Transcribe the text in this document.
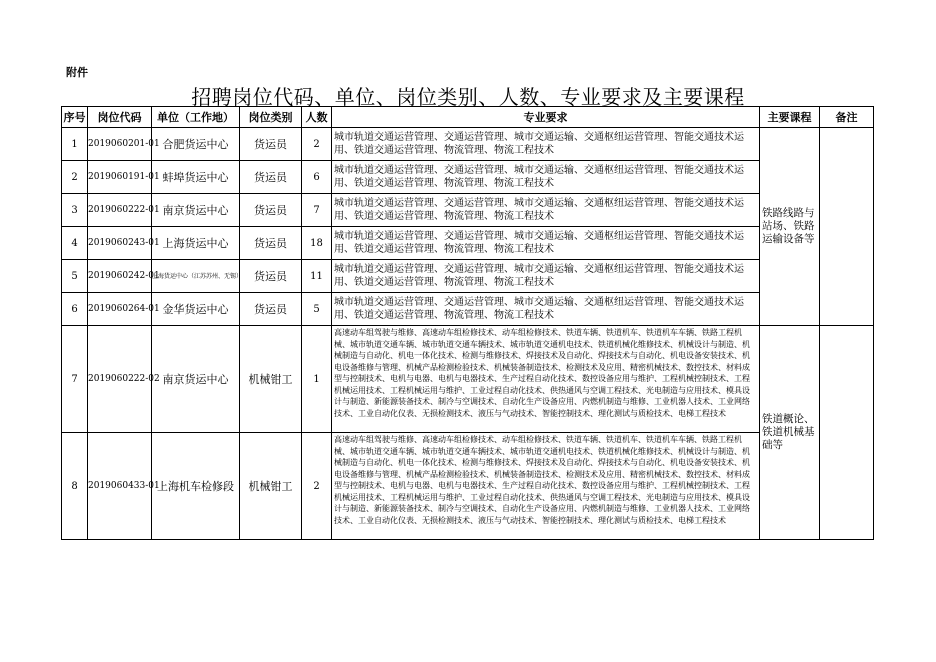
附件
招聘岗位代码、单位、岗位类别、人数、专业要求及主要课程
序号	岗位代码	单位（工作地）	岗位类别	人数	专业要求	主要课程	备注
1	2019060201-01	合肥货运中心	货运员	2	城市轨道交通运营管理、交通运营管理、城市交通运输、交通枢纽运营管理、智能交通技术运用、铁道交通运营管理、物流管理、物流工程技术	铁路线路与站场、铁路运输设备等	
2	2019060191-01	蚌埠货运中心	货运员	6	城市轨道交通运营管理、交通运营管理、城市交通运输、交通枢纽运营管理、智能交通技术运用、铁道交通运营管理、物流管理、物流工程技术		
3	2019060222-01	南京货运中心	货运员	7	城市轨道交通运营管理、交通运营管理、城市交通运输、交通枢纽运营管理、智能交通技术运用、铁道交通运营管理、物流管理、物流工程技术		
4	2019060243-01	上海货运中心	货运员	18	城市轨道交通运营管理、交通运营管理、城市交通运输、交通枢纽运营管理、智能交通技术运用、铁道交通运营管理、物流管理、物流工程技术		
5	2019060242-01	上海货运中心（江苏苏州、无锡）	货运员	11	城市轨道交通运营管理、交通运营管理、城市交通运输、交通枢纽运营管理、智能交通技术运用、铁道交通运营管理、物流管理、物流工程技术		
6	2019060264-01	金华货运中心	货运员	5	城市轨道交通运营管理、交通运营管理、城市交通运输、交通枢纽运营管理、智能交通技术运用、铁道交通运营管理、物流管理、物流工程技术		
7	2019060222-02	南京货运中心	机械钳工	1	高速动车组驾驶与维修、高速动车组检修技术、动车组检修技术、铁道车辆、铁道机车、铁道机车车辆、铁路工程机械、城市轨道交通车辆、城市轨道交通车辆技术、城市轨道交通机电技术、铁道机械化维修技术、机械设计与制造、机械制造与自动化、机电一体化技术、检测与维修技术、焊接技术及自动化、焊接技术与自动化、机电设备安装技术、机电设备维修与管理、机械产品检测检验技术、机械装备制造技术、检测技术及应用、精密机械技术、数控技术、材料成型与控制技术、电机与电器、电机与电器技术、生产过程自动化技术、数控设备应用与维护、工程机械控制技术、工程机械运用技术、工程机械运用与维护、工业过程自动化技术、供热通风与空调工程技术、光电制造与应用技术、模具设计与制造、新能源装备技术、制冷与空调技术、自动化生产设备应用、内燃机制造与维修、工业机器人技术、工业网络技术、工业自动化仪表、无损检测技术、液压与气动技术、智能控制技术、理化测试与质检技术、电梯工程技术	铁道概论、铁道机械基础等	
8	2019060433-01	上海机车检修段	机械钳工	2	高速动车组驾驶与维修、高速动车组检修技术、动车组检修技术、铁道车辆、铁道机车、铁道机车车辆、铁路工程机械、城市轨道交通车辆、城市轨道交通车辆技术、城市轨道交通机电技术、铁道机械化维修技术、机械设计与制造、机械制造与自动化、机电一体化技术、检测与维修技术、焊接技术及自动化、焊接技术与自动化、机电设备安装技术、机电设备维修与管理、机械产品检测检验技术、机械装备制造技术、检测技术及应用、精密机械技术、数控技术、材料成型与控制技术、电机与电器、电机与电器技术、生产过程自动化技术、数控设备应用与维护、工程机械控制技术、工程机械运用技术、工程机械运用与维护、工业过程自动化技术、供热通风与空调工程技术、光电制造与应用技术、模具设计与制造、新能源装备技术、制冷与空调技术、自动化生产设备应用、内燃机制造与维修、工业机器人技术、工业网络技术、工业自动化仪表、无损检测技术、液压与气动技术、智能控制技术、理化测试与质检技术、电梯工程技术		
